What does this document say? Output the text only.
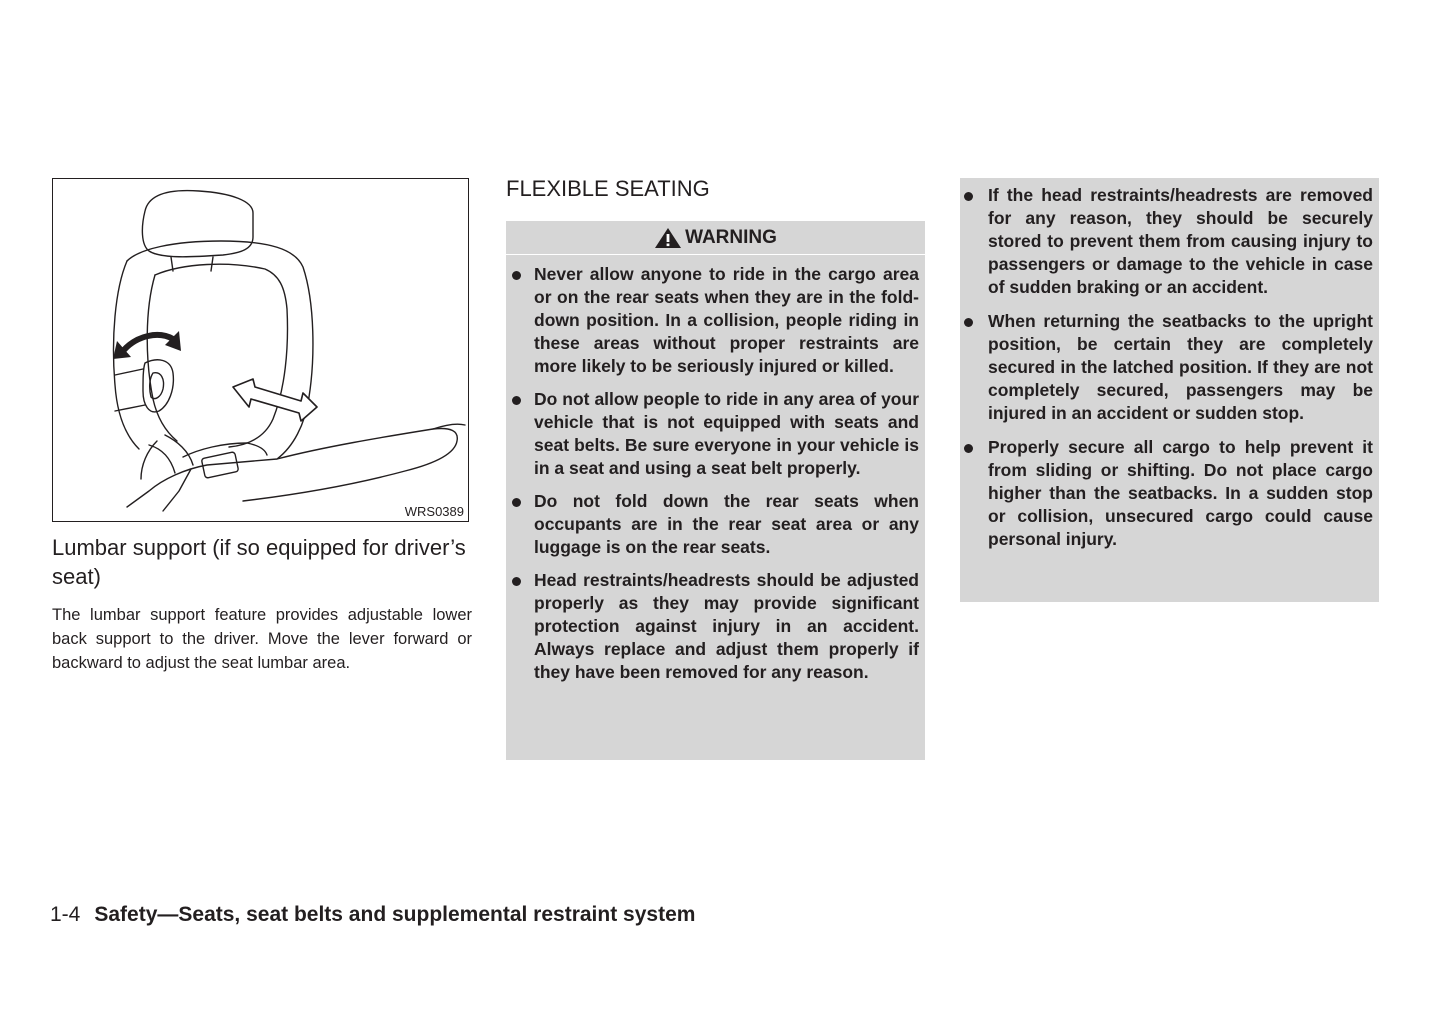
WRS0389
Lumbar support (if so equipped for driver’s seat)

The lumbar support feature provides adjustable lower back support to the driver. Move the lever forward or backward to adjust the seat lumbar area.

FLEXIBLE SEATING
WARNING
Never allow anyone to ride in the cargo area or on the rear seats when they are in the fold-down position. In a collision, people riding in these areas without proper restraints are more likely to be seriously injured or killed.
Do not allow people to ride in any area of your vehicle that is not equipped with seats and seat belts. Be sure everyone in your vehicle is in a seat and using a seat belt properly.
Do not fold down the rear seats when occupants are in the rear seat area or any luggage is on the rear seats.
Head restraints/headrests should be adjusted properly as they may provide significant protection against injury in an accident. Always replace and adjust them properly if they have been removed for any reason.
If the head restraints/headrests are removed for any reason, they should be securely stored to prevent them from causing injury to passengers or damage to the vehicle in case of sudden braking or an accident.
When returning the seatbacks to the upright position, be certain they are completely secured in the latched position. If they are not completely secured, passengers may be injured in an accident or sudden stop.
Properly secure all cargo to help prevent it from sliding or shifting. Do not place cargo higher than the seatbacks. In a sudden stop or collision, unsecured cargo could cause personal injury.
1-4 Safety—Seats, seat belts and supplemental restraint system
